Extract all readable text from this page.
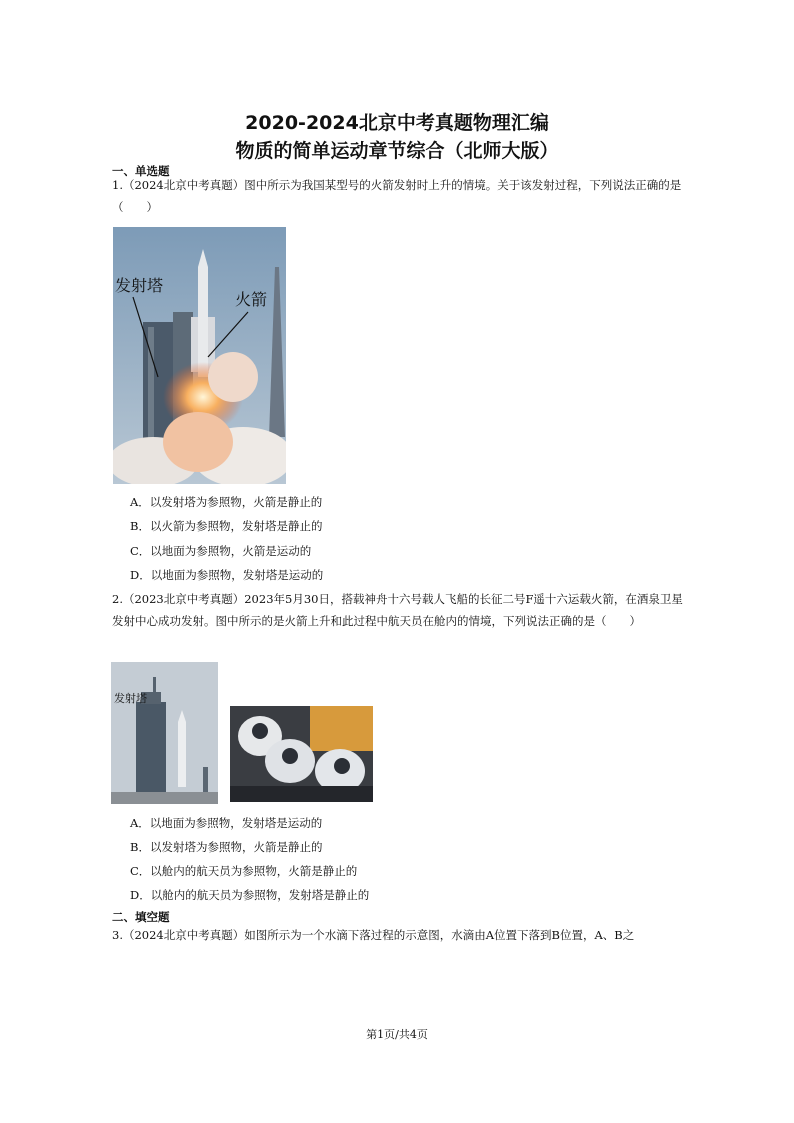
2020-2024北京中考真题物理汇编
物质的简单运动章节综合（北师大版）
一、单选题
1.（2024北京中考真题）图中所示为我国某型号的火箭发射时上升的情境。关于该发射过程，下列说法正确的是（　　）
发射塔
火箭
A．以发射塔为参照物，火箭是静止的
B．以火箭为参照物，发射塔是静止的
C．以地面为参照物，火箭是运动的
D．以地面为参照物，发射塔是运动的
2.（2023北京中考真题）2023年5月30日，搭载神舟十六号载人飞船的长征二号F遥十六运载火箭，在酒泉卫星发射中心成功发射。图中所示的是火箭上升和此过程中航天员在舱内的情境，下列说法正确的是（　　）
发射塔
A．以地面为参照物，发射塔是运动的
B．以发射塔为参照物，火箭是静止的
C．以舱内的航天员为参照物，火箭是静止的
D．以舱内的航天员为参照物，发射塔是静止的
二、填空题
3.（2024北京中考真题）如图所示为一个水滴下落过程的示意图，水滴由A位置下落到B位置，A、B之
第1页/共4页
